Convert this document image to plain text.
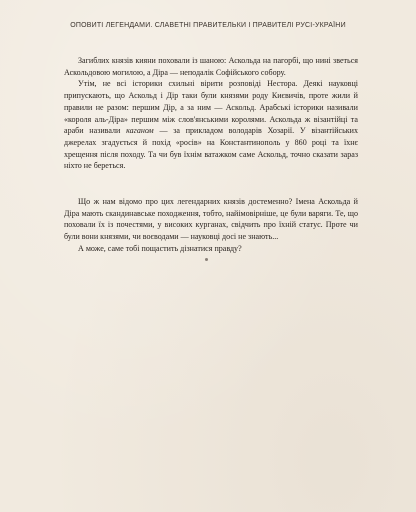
ОПОВИТІ ЛЕГЕНДАМИ. СЛАВЕТНІ ПРАВИТЕЛЬКИ І ПРАВИТЕЛІ РУСІ-УКРАЇНИ

Загиблих князів кияни поховали із шаною: Аскольда на пагорбі, що нині зветься Аскольдовою могилою, а Діра — неподалік Софійського собору.

Утім, не всі історики схильні вірити розповіді Нестора. Деякі науковці припускають, що Аскольд і Дір таки були князями роду Києвичів, проте жили й правили не разом: першим Дір, а за ним — Аскольд. Арабські історики називали «короля аль-Діра» першим між слов'янськими королями. Аскольда ж візантійці та араби називали каганом — за прикладом володарів Хозарії. У візантійських джерелах згадується й похід «росів» на Константинополь у 860 році та їхнє хрещення після походу. Та чи був їхнім ватажком саме Аскольд, точно сказати зараз ніхто не береться.

Що ж нам відомо про цих легендарних князів достеменно? Імена Аскольда й Діра мають скандинавське походження, тобто, найімовірніше, це були варяги. Те, що поховали їх із почестями, у високих курганах, свідчить про їхній статус. Проте чи були вони князями, чи воєводами — науковці досі не знають...

А може, саме тобі пощастить дізнатися правду?
